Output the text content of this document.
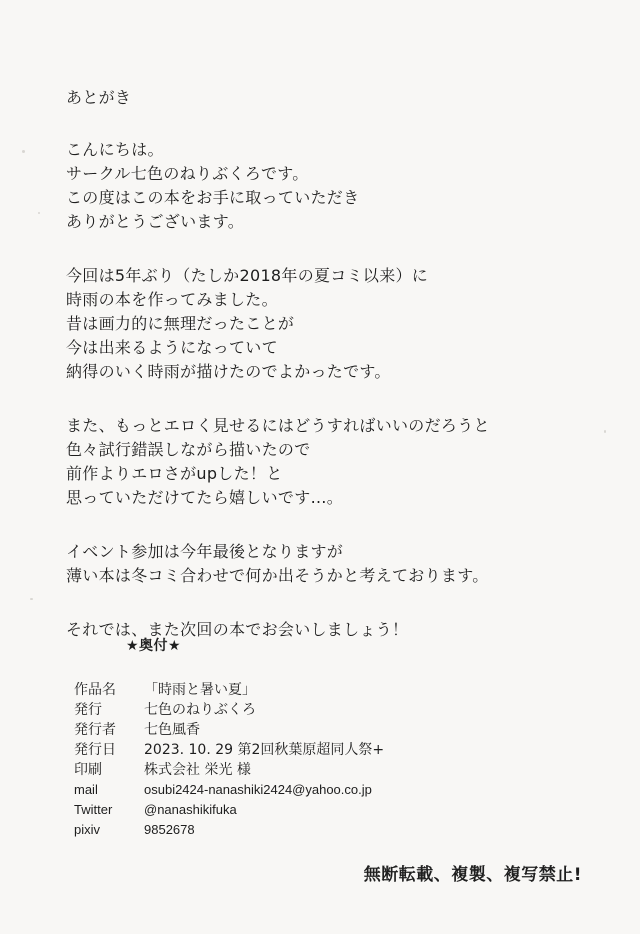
あとがき
こんにちは。
サークル七色のねりぶくろです。
この度はこの本をお手に取っていただき
ありがとうございます。
今回は5年ぶり（たしか2018年の夏コミ以来）に
時雨の本を作ってみました。
昔は画力的に無理だったことが
今は出来るようになっていて
納得のいく時雨が描けたのでよかったです。
また、もっとエロく見せるにはどうすればいいのだろうと
色々試行錯誤しながら描いたので
前作よりエロさがupした！と
思っていただけてたら嬉しいです…。
イベント参加は今年最後となりますが
薄い本は冬コミ合わせで何か出そうかと考えております。
それでは、また次回の本でお会いしましょう！
★奥付★
作品名	「時雨と暑い夏」
発行	七色のねりぶくろ
発行者	七色風香
発行日	2023. 10. 29 第2回秋葉原超同人祭+
印刷	株式会社 栄光 様
mail	osubi2424-nanashiki2424@yahoo.co.jp
Twitter	@nanashikifuka
pixiv	9852678
無断転載、複製、複写禁止!
